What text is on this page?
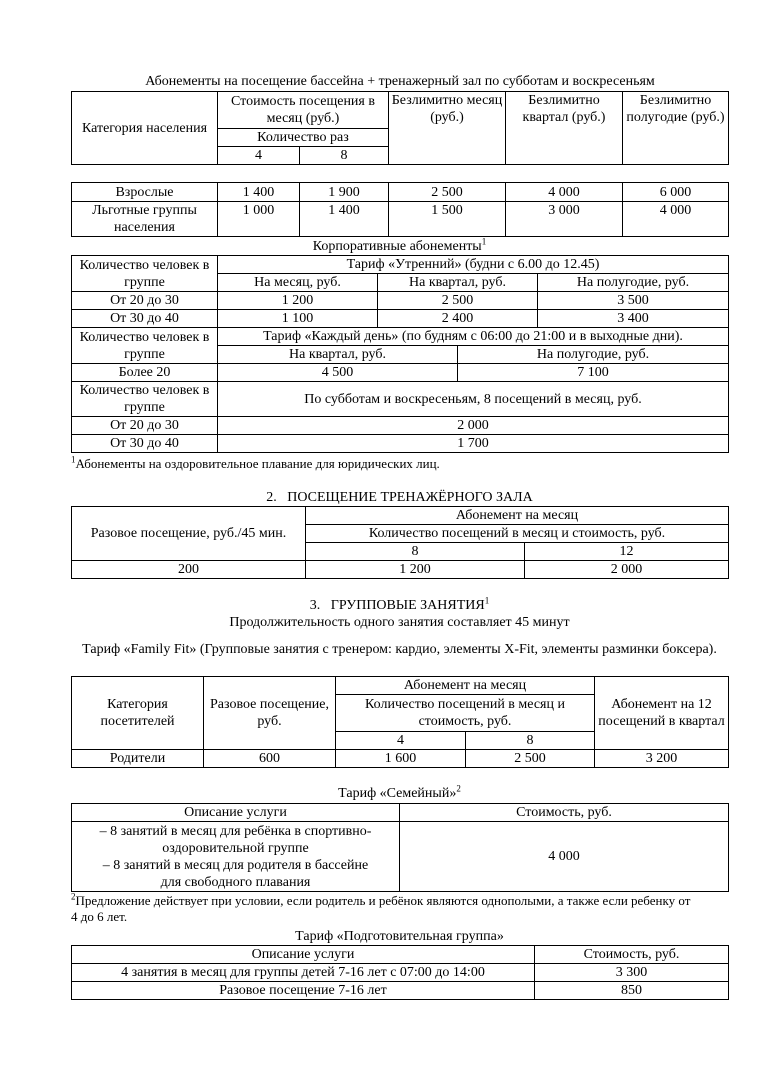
Абонементы на посещение бассейна + тренажерный зал по субботам и воскресеньям
Категория населения	Стоимость посещения в месяц (руб.)		Безлимитно месяц (руб.)	Безлимитно квартал (руб.)	Безлимитно полугодие (руб.)
	Количество раз				
	4	8			
Взрослые	1 400	1 900	2 500	4 000	6 000
Льготные группы населения	1 000	1 400	1 500	3 000	4 000
Корпоративные абонементы$^1$
Количество человек в группе	Тариф «Утренний» (будни с 6.00 до 12.45)		
	На месяц, руб.	На квартал, руб.	На полугодие, руб.
От 20 до 30	1 200	2 500	3 500
От 30 до 40	1 100	2 400	3 400
Количество человек в группе	Тариф «Каждый день» (по будням с 06:00 до 21:00 и в выходные дни).	
	На квартал, руб.	На полугодие, руб.
Более 20	4 500	7 100
Количество человек в группе	По субботам и воскресеньям, 8 посещений в месяц, руб.
От 20 до 30	2 000
От 30 до 40	1 700
$^1$Абонементы на оздоровительное плавание для юридических лиц.
2.   ПОСЕЩЕНИЕ ТРЕНАЖЁРНОГО ЗАЛА
Разовое посещение, руб./45 мин.	Абонемент на месяц	
	Количество посещений в месяц и стоимость, руб.	
	8	12
200	1 200	2 000
3.   ГРУППОВЫЕ ЗАНЯТИЯ$^1$
Продолжительность одного занятия составляет 45 минут
Тариф «Family Fit» (Групповые занятия с тренером: кардио, элементы X-Fit, элементы разминки боксера).
Категория посетителей	Разовое посещение, руб.	Абонемент на месяц		Абонемент на 12 посещений в квартал
		Количество посещений в месяц и стоимость, руб.		
		4	8	
Родители	600	1 600	2 500	3 200
Тариф «Семейный»$^2$
Описание услуги	Стоимость, руб.

– 8 занятий в месяц для ребёнка в спортивно-оздоровительной группе
– 8 занятий в месяц для родителя в бассейне для свободного плавания	4 000
$^2$Предложение действует при условии, если родитель и ребёнок являются однополыми, а также если ребенку от 4 до 6 лет.
Тариф «Подготовительная группа»
Описание услуги	Стоимость, руб.
4 занятия в месяц для группы детей 7-16 лет с 07:00 до 14:00	3 300
Разовое посещение 7-16 лет	850
